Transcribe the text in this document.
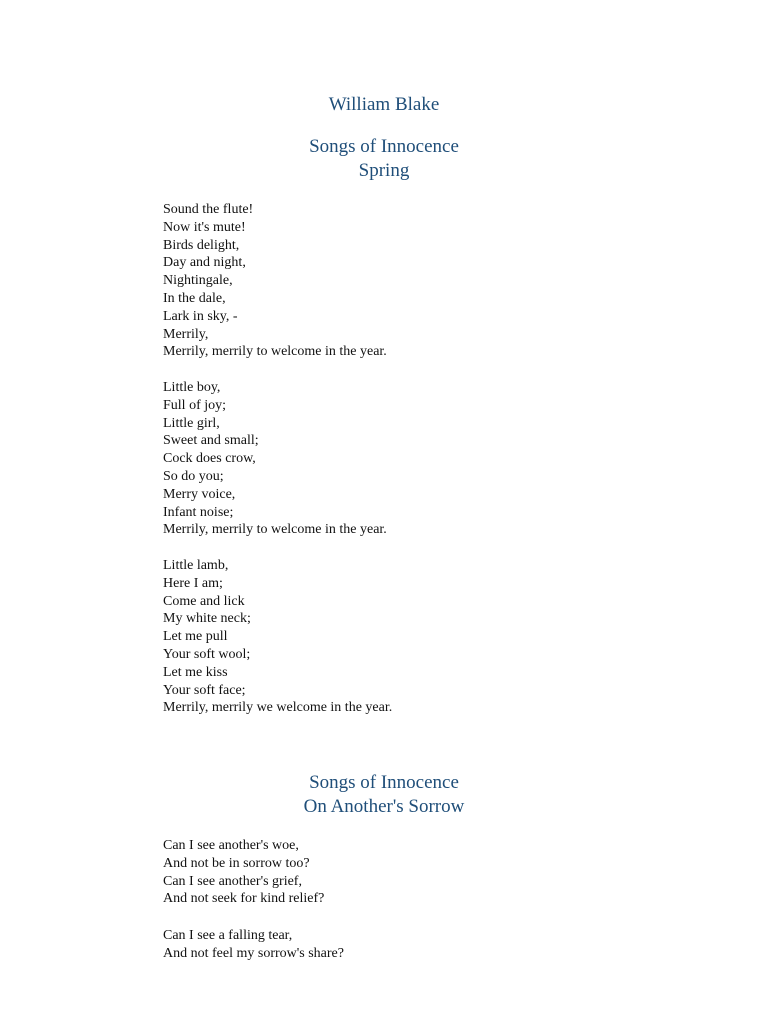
William Blake
Songs of Innocence
Spring
Sound the flute!
Now it's mute!
Birds delight,
Day and night,
Nightingale,
In the dale,
Lark in sky, -
Merrily,
Merrily, merrily to welcome in the year.
Little boy,
Full of joy;
Little girl,
Sweet and small;
Cock does crow,
So do you;
Merry voice,
Infant noise;
Merrily, merrily to welcome in the year.
Little lamb,
Here I am;
Come and lick
My white neck;
Let me pull
Your soft wool;
Let me kiss
Your soft face;
Merrily, merrily we welcome in the year.
Songs of Innocence
On Another's Sorrow
Can I see another's woe,
And not be in sorrow too?
Can I see another's grief,
And not seek for kind relief?
Can I see a falling tear,
And not feel my sorrow's share?
